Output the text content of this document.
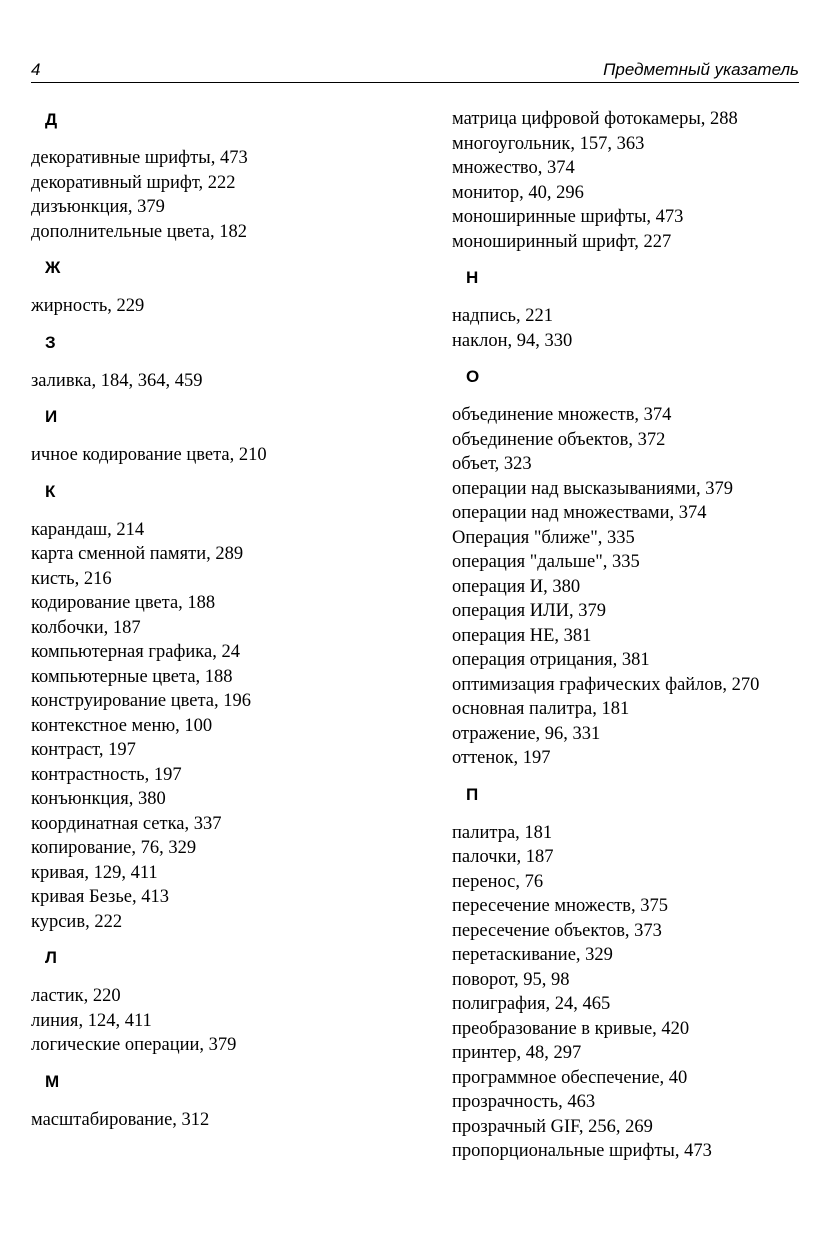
4	Предметный указатель
Д
декоративные шрифты, 473
декоративный шрифт, 222
дизъюнкция, 379
дополнительные цвета, 182
Ж
жирность, 229
З
заливка, 184, 364, 459
И
ичное кодирование цвета, 210
К
карандаш, 214
карта сменной памяти, 289
кисть, 216
кодирование цвета, 188
колбочки, 187
компьютерная графика, 24
компьютерные цвета, 188
конструирование цвета, 196
контекстное меню, 100
контраст, 197
контрастность, 197
конъюнкция, 380
координатная сетка, 337
копирование, 76, 329
кривая, 129, 411
кривая Безье, 413
курсив, 222
Л
ластик, 220
линия, 124, 411
логические операции, 379
М
масштабирование, 312
матрица цифровой фотокамеры, 288
многоугольник, 157, 363
множество, 374
монитор, 40, 296
моноширинные шрифты, 473
моноширинный шрифт, 227
Н
надпись, 221
наклон, 94, 330
О
объединение множеств, 374
объединение объектов, 372
объет, 323
операции над высказываниями, 379
операции над множествами, 374
Операция "ближе", 335
операция "дальше", 335
операция И, 380
операция ИЛИ, 379
операция НЕ, 381
операция отрицания, 381
оптимизация графических файлов, 270
основная палитра, 181
отражение, 96, 331
оттенок, 197
П
палитра, 181
палочки, 187
перенос, 76
пересечение множеств, 375
пересечение объектов, 373
перетаскивание, 329
поворот, 95, 98
полиграфия, 24, 465
преобразование в кривые, 420
принтер, 48, 297
программное обеспечение, 40
прозрачность, 463
прозрачный GIF, 256, 269
пропорциональные шрифты, 473
